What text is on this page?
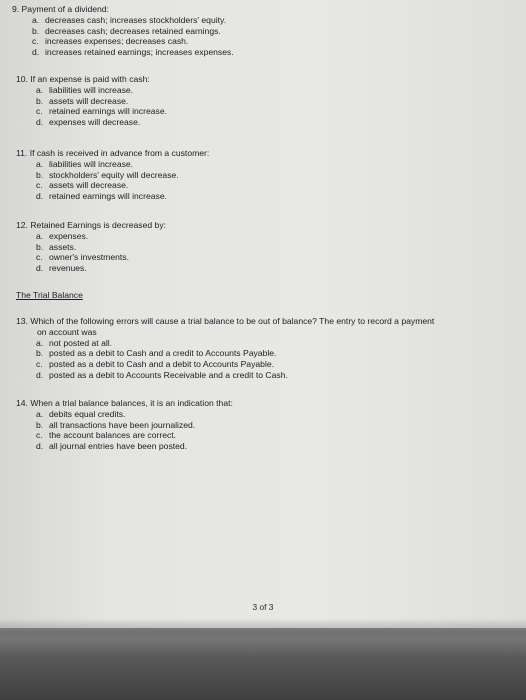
9. Payment of a dividend:
a. decreases cash; increases stockholders' equity.
b. decreases cash; decreases retained earnings.
c. increases expenses; decreases cash.
d. increases retained earnings; increases expenses.
10. If an expense is paid with cash:
a. liabilities will increase.
b. assets will decrease.
c. retained earnings will increase.
d. expenses will decrease.
11. If cash is received in advance from a customer:
a. liabilities will increase.
b. stockholders' equity will decrease.
c. assets will decrease.
d. retained earnings will increase.
12. Retained Earnings is decreased by:
a. expenses.
b. assets.
c. owner's investments.
d. revenues.
The Trial Balance
13. Which of the following errors will cause a trial balance to be out of balance? The entry to record a payment
on account was
a. not posted at all.
b. posted as a debit to Cash and a credit to Accounts Payable.
c. posted as a debit to Cash and a debit to Accounts Payable.
d. posted as a debit to Accounts Receivable and a credit to Cash.
14. When a trial balance balances, it is an indication that:
a. debits equal credits.
b. all transactions have been journalized.
c. the account balances are correct.
d. all journal entries have been posted.
3 of 3
